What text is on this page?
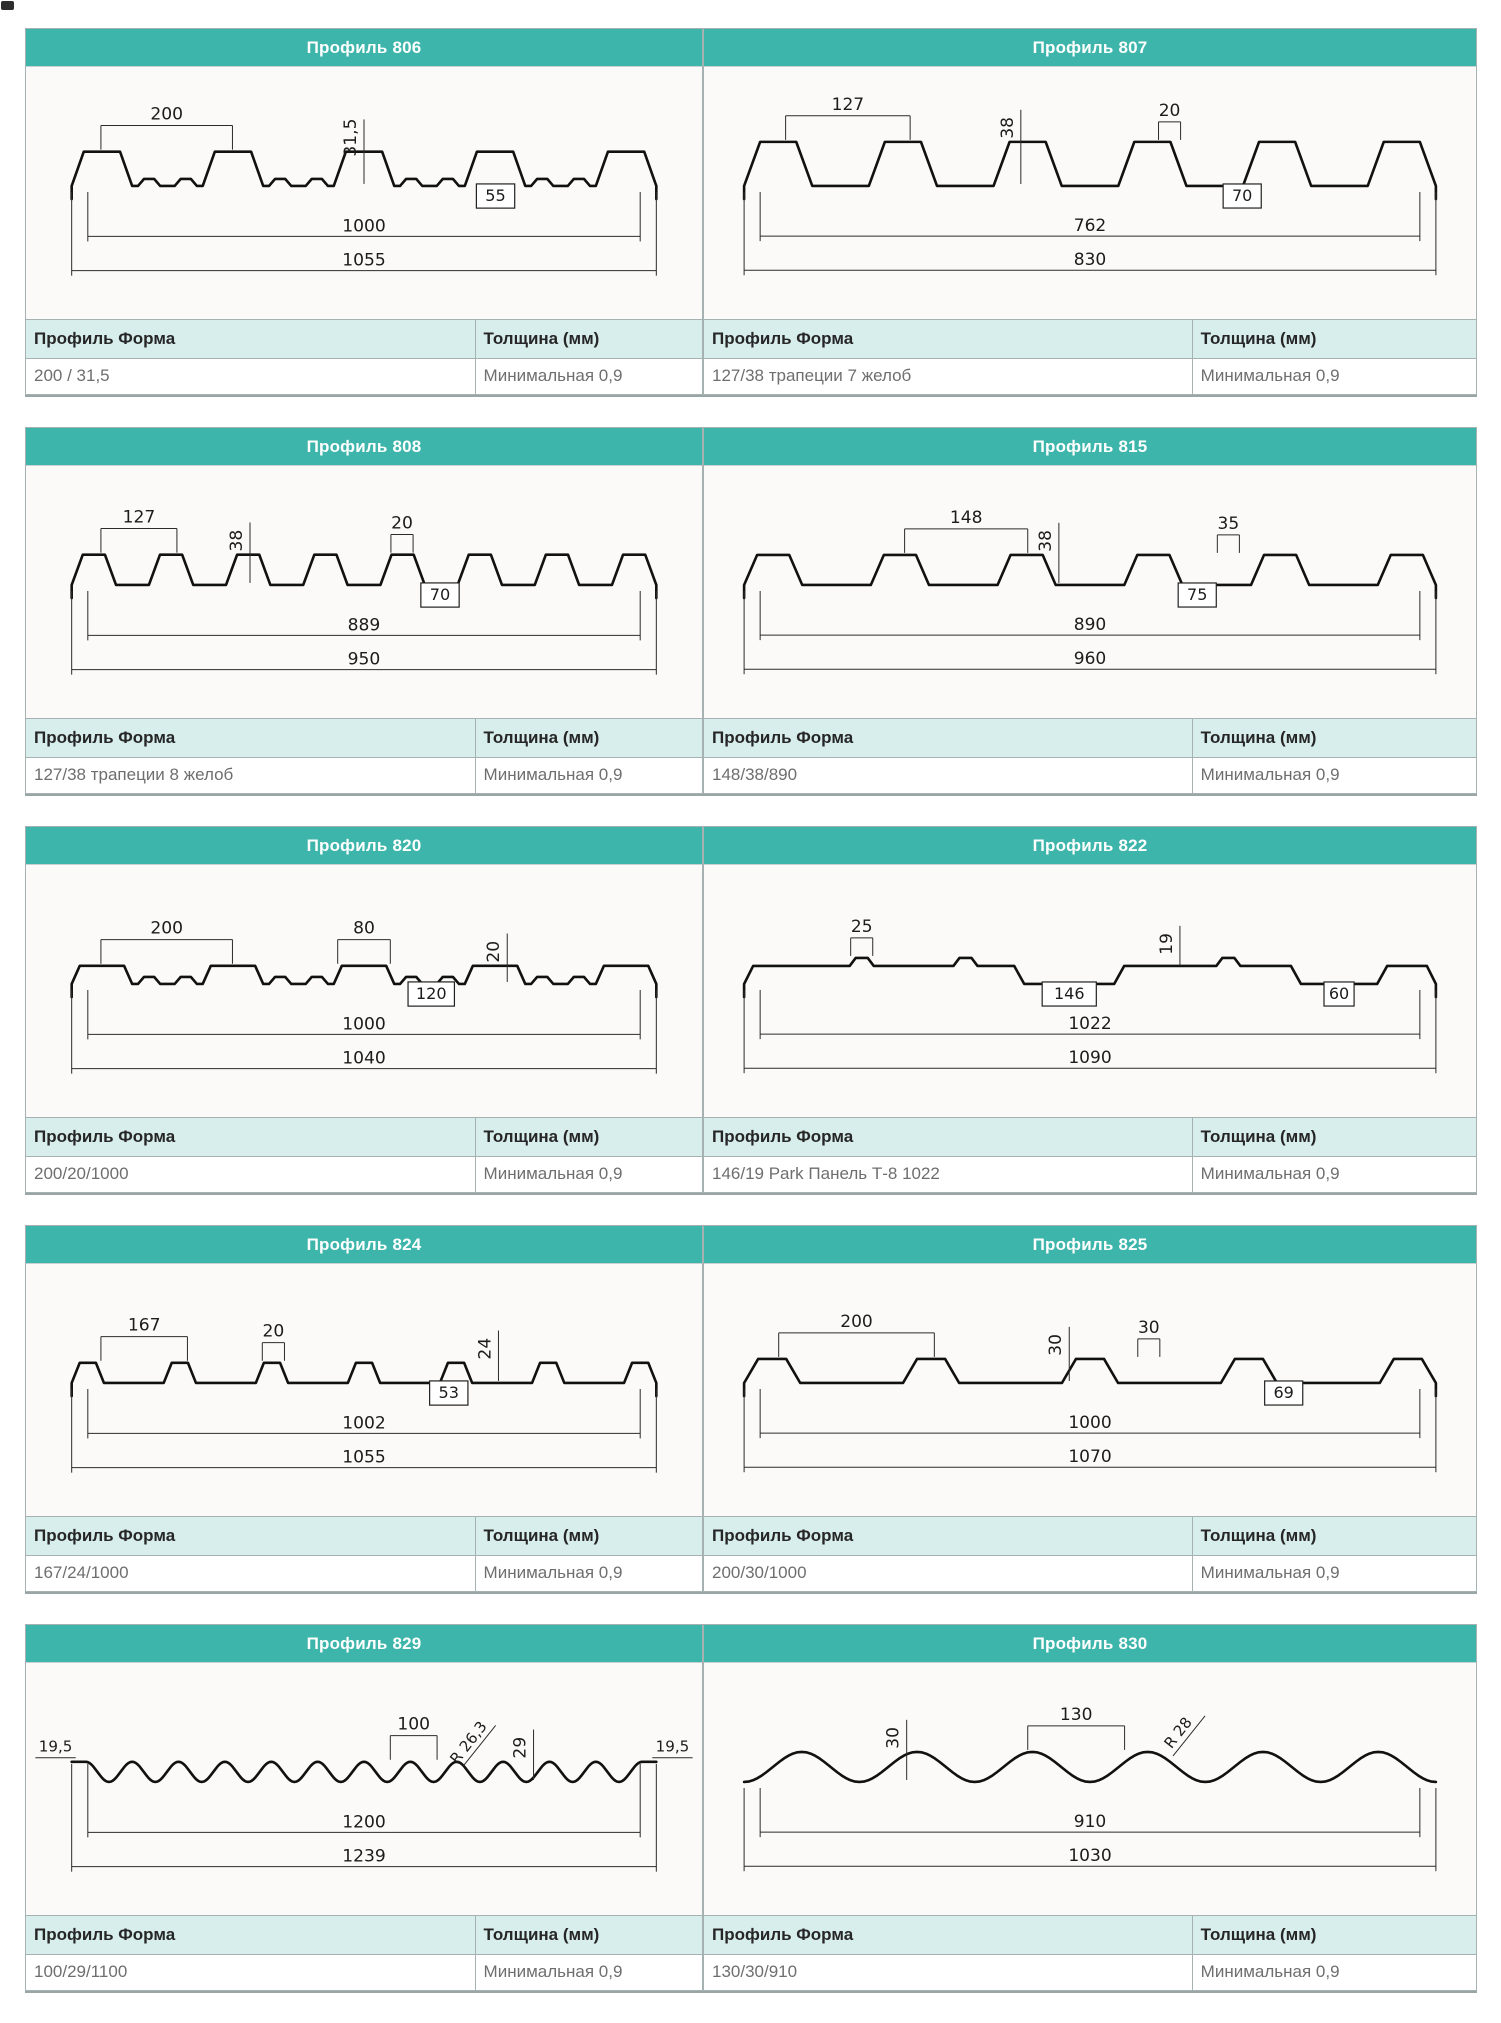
Профиль 806
1000
1055
200
31,5
55
Профиль Форма	Толщина (мм)
200 / 31,5	Минимальная 0,9
Профиль 807
762
830
127
38
20
70
Профиль Форма	Толщина (мм)
127/38 трапеции 7 желоб	Минимальная 0,9
Профиль 808
889
950
127
38
20
70
Профиль Форма	Толщина (мм)
127/38 трапеции 8 желоб	Минимальная 0,9
Профиль 815
890
960
148
38
35
75
Профиль Форма	Толщина (мм)
148/38/890	Минимальная 0,9
Профиль 820
1000
1040
200	80
20
120
Профиль Форма	Толщина (мм)
200/20/1000	Минимальная 0,9
Профиль 822
1022
1090
25
146
19
60
Профиль Форма	Толщина (мм)
146/19 Park Панель Т-8 1022	Минимальная 0,9
Профиль 824
1002
1055
167	20
24
53
Профиль Форма	Толщина (мм)
167/24/1000	Минимальная 0,9
Профиль 825
1000
1070
200
30
30
69
Профиль Форма	Толщина (мм)
200/30/1000	Минимальная 0,9
Профиль 829
1200
1239
19,5
100 R 26,3 29	19,5
Профиль Форма	Толщина (мм)
100/29/1100	Минимальная 0,9
Профиль 830
910
1030
30
130	R 28
Профиль Форма	Толщина (мм)
130/30/910	Минимальная 0,9
